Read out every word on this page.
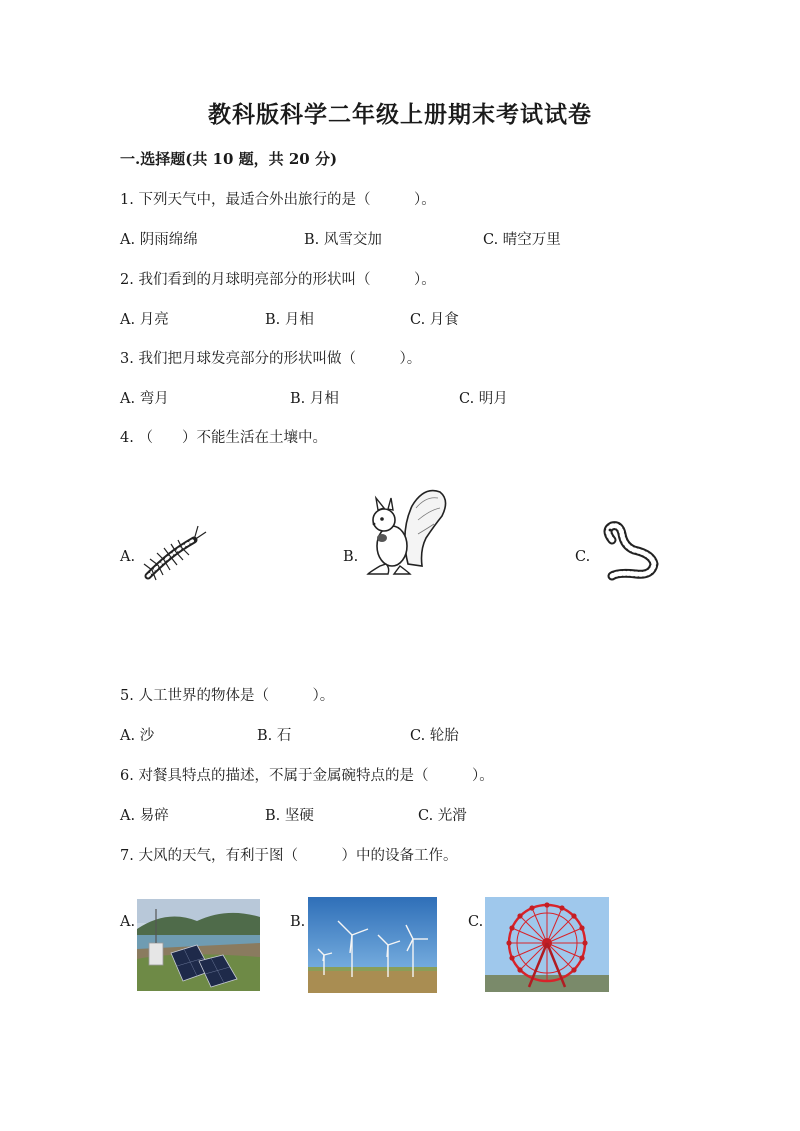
教科版科学二年级上册期末考试试卷
一.选择题(共 10 题，共 20 分)
1. 下列天气中，最适合外出旅行的是（　　　）。
A. 阴雨绵绵	B. 风雪交加	C. 晴空万里
2. 我们看到的月球明亮部分的形状叫（　　　）。
A. 月亮	B. 月相	C. 月食
3. 我们把月球发亮部分的形状叫做（　　　）。
A. 弯月	B. 月相	C. 明月
4. （　　）不能生活在土壤中。
A.	B.	C.
5. 人工世界的物体是（　　　）。
A. 沙	B. 石	C. 轮胎
6. 对餐具特点的描述，不属于金属碗特点的是（　　　）。
A. 易碎	B. 坚硬	C. 光滑
7. 大风的天气，有利于图（　　　）中的设备工作。
A.	B.	C.
